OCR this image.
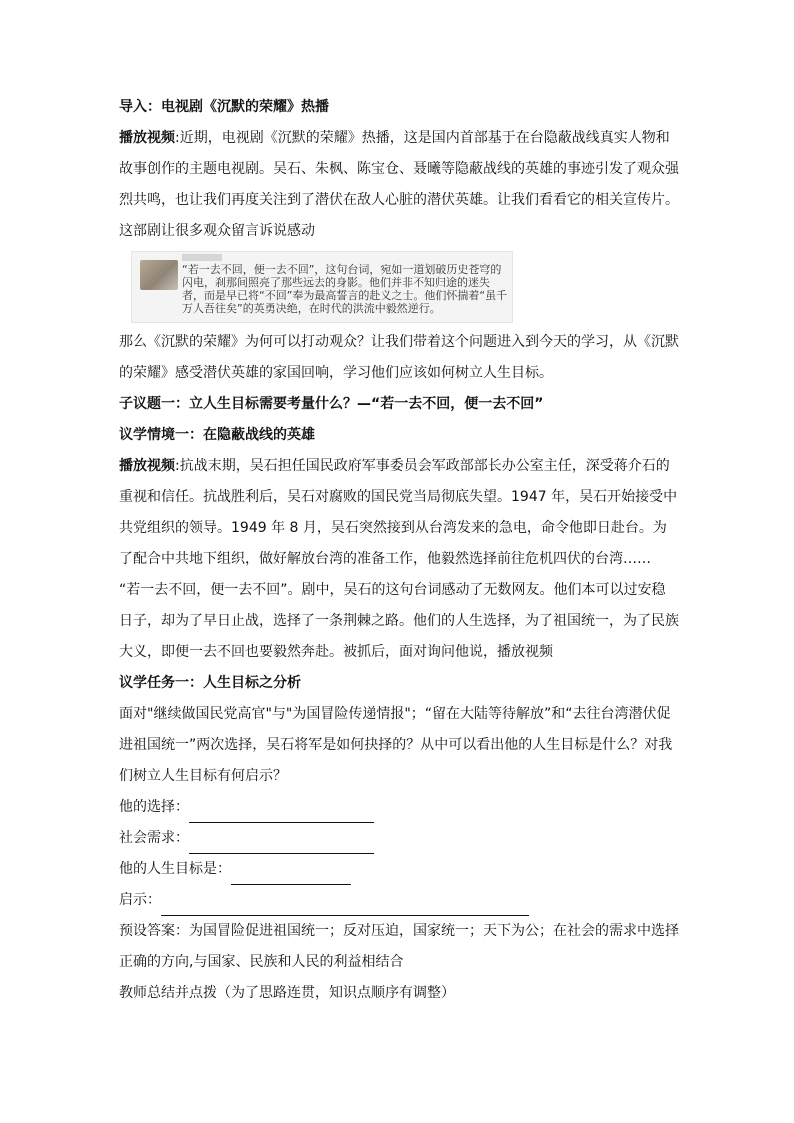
导入：电视剧《沉默的荣耀》热播

播放视频:近期，电视剧《沉默的荣耀》热播，这是国内首部基于在台隐蔽战线真实人物和故事创作的主题电视剧。吴石、朱枫、陈宝仓、聂曦等隐蔽战线的英雄的事迹引发了观众强烈共鸣，也让我们再度关注到了潜伏在敌人心脏的潜伏英雄。让我们看看它的相关宣传片。这部剧让很多观众留言诉说感动

“若一去不回，便一去不回”，这句台词，宛如一道划破历史苍穹的闪电，刹那间照亮了那些远去的身影。他们并非不知归途的迷失者，而是早已将“不回”奉为最高誓言的赴义之士。他们怀揣着“虽千万人吾往矣”的英勇决绝，在时代的洪流中毅然逆行。

那么《沉默的荣耀》为何可以打动观众？让我们带着这个问题进入到今天的学习，从《沉默的荣耀》感受潜伏英雄的家国回响，学习他们应该如何树立人生目标。

子议题一：立人生目标需要考量什么？—“若一去不回，便一去不回”

议学情境一：在隐蔽战线的英雄

播放视频:抗战末期，吴石担任国民政府军事委员会军政部部长办公室主任，深受蒋介石的重视和信任。抗战胜利后，吴石对腐败的国民党当局彻底失望。1947 年，吴石开始接受中共党组织的领导。1949 年 8 月，吴石突然接到从台湾发来的急电，命令他即日赴台。为了配合中共地下组织，做好解放台湾的准备工作，他毅然选择前往危机四伏的台湾……

“若一去不回，便一去不回”。剧中，吴石的这句台词感动了无数网友。他们本可以过安稳日子，却为了早日止战，选择了一条荆棘之路。他们的人生选择，为了祖国统一，为了民族大义，即便一去不回也要毅然奔赴。被抓后，面对询问他说，播放视频

议学任务一：人生目标之分析

面对"继续做国民党高官"与"为国冒险传递情报"；“留在大陆等待解放”和“去往台湾潜伏促进祖国统一”两次选择，吴石将军是如何抉择的？从中可以看出他的人生目标是什么？对我们树立人生目标有何启示？

他的选择：

社会需求：

他的人生目标是：

启示：

预设答案：为国冒险促进祖国统一；反对压迫，国家统一；天下为公；在社会的需求中选择正确的方向,与国家、民族和人民的利益相结合

教师总结并点拨（为了思路连贯，知识点顺序有调整）
